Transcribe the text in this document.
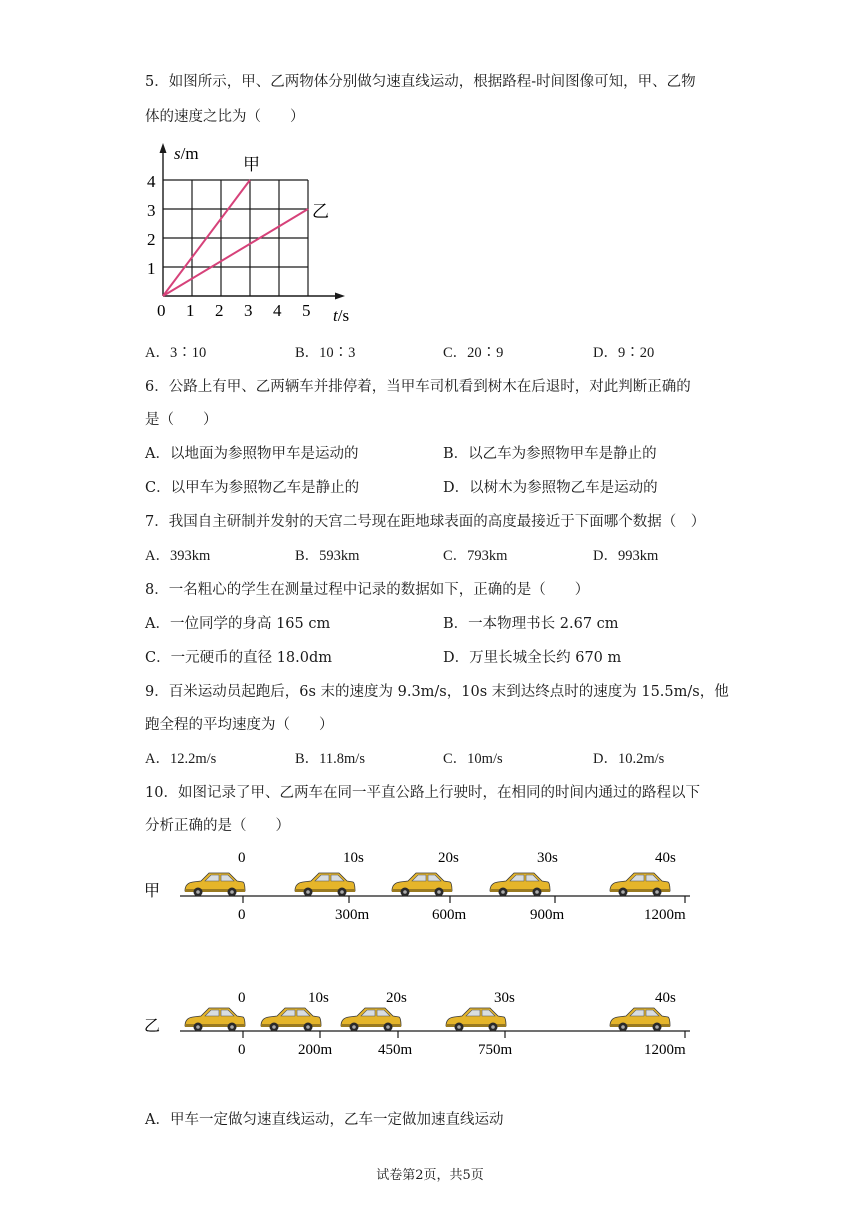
5．如图所示，甲、乙两物体分别做匀速直线运动，根据路程-时间图像可知，甲、乙物
体的速度之比为（　　）
s/m
t/s
4
3
2
1
0 1 2 3 4 5
甲
乙
A．3∶10	B．10∶3	C．20∶9	D．9∶20
6．公路上有甲、乙两辆车并排停着，当甲车司机看到树木在后退时，对此判断正确的
是（　　）
A．以地面为参照物甲车是运动的	B．以乙车为参照物甲车是静止的
C．以甲车为参照物乙车是静止的	D．以树木为参照物乙车是运动的
7．我国自主研制并发射的天宫二号现在距地球表面的高度最接近于下面哪个数据（　）
A．393km	B．593km	C．793km	D．993km
8．一名粗心的学生在测量过程中记录的数据如下，正确的是（　　）
A．一位同学的身高 165 cm	B．一本物理书长 2.67 cm
C．一元硬币的直径 18.0dm	D．万里长城全长约 670 m
9．百米运动员起跑后，6s 末的速度为 9.3m/s，10s 末到达终点时的速度为 15.5m/s，他
跑全程的平均速度为（　　）
A．12.2m/s	B．11.8m/s	C．10m/s	D．10.2m/s
10．如图记录了甲、乙两车在同一平直公路上行驶时，在相同的时间内通过的路程以下
分析正确的是（　　）
甲
0	10s	20s	30s	40s
0	300m	600m	900m	1200m
乙
0	10s	20s	30s	40s
0	200m	450m	750m	1200m
A．甲车一定做匀速直线运动，乙车一定做加速直线运动
试卷第2页，共5页
